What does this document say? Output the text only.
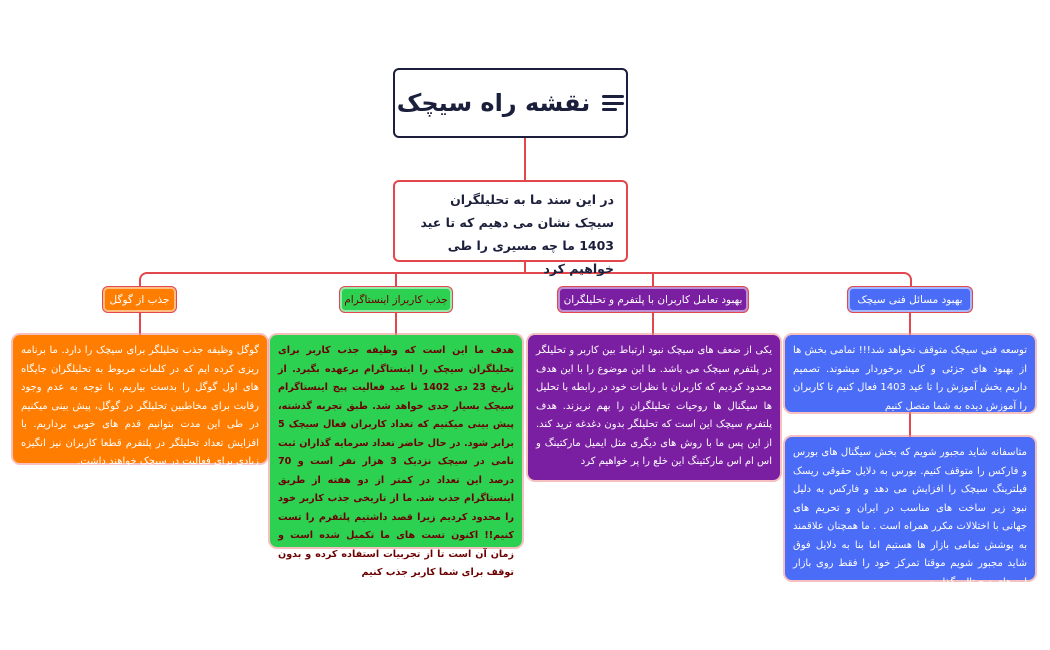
نقشه راه سیچک
در این سند ما به تحلیلگران سیچک نشان می دهیم که تا عید 1403 ما چه مسیری را طی خواهیم کرد
جذب از گوگل	جذب کاربراز اینستاگرام	بهبود تعامل کاربران با پلتفرم و تحلیلگران	بهبود مسائل فنی سیچک
گوگل وظیفه جذب تحلیلگر برای سیچک را دارد. ما برنامه ریزی کرده ایم که در کلمات مربوط به تحلیلگران جایگاه های اول گوگل را بدست بیاریم. با توجه به عدم وجود رقابت برای مخاطبین تحلیلگر در گوگل، پیش بینی میکنیم در طی این مدت بتوانیم قدم های خوبی برداریم. با افزایش تعداد تحلیلگر در پلتفرم قطعا کاربران نیز انگیزه زیادی برای فعالیت در سیچک خواهند داشت.
هدف ما این است که وظیفه جذب کاربر برای تحلیلگران سیچک را اینستاگرام برعهده بگیرد. از تاریخ 23 دی 1402 تا عید فعالیت پیج اینستاگرام سیچک بسیار جدی خواهد شد. طبق تجربه گذشته، پیش بینی میکنیم که تعداد کاربران فعال سیچک 5 برابر شود. در حال حاضر تعداد سرمایه گذاران ثبت نامی در سیچک نزدیک 3 هزار نفر است و 70 درصد این تعداد در کمتر از دو هفته از طریق اینستاگرام جذب شد. ما از تاریخی جذب کاربر خود را محدود کردیم زیرا قصد داشتیم پلتفرم را تست کنیم!! اکنون تست های ما تکمیل شده است و زمان آن است تا از تجربیات استفاده کرده و بدون توقف برای شما کاربر جذب کنیم
یکی از ضعف های سیچک نبود ارتباط بین کاربر و تحلیلگر در پلتفرم سیچک می باشد. ما این موضوع را با این هدف محدود کردیم که کاربران با نظرات خود در رابطه با تحلیل ها سیگنال ها روحیات تحلیلگران را بهم نریزند. هدف پلتفرم سیچک این است که تحلیلگر بدون دغدغه ترید کند. از این پس ما با روش های دیگری مثل ایمیل مارکتینگ و اس ام اس مارکتینگ این خلع را پر خواهیم کرد
توسعه فنی سیچک متوقف نخواهد شد!!! تمامی بخش ها از بهبود های جزئی و کلی برخوردار میشوند. تصمیم داریم بخش آموزش را تا عید 1403 فعال کنیم تا کاربران را آموزش دیده به شما متصل کنیم
متاسفانه شاید مجبور شویم که بخش سیگنال های بورس و فارکس را متوقف کنیم. بورس به دلایل حقوقی ریسک فیلترینگ سیچک را افزایش می دهد و فارکس به دلیل نبود زیر ساخت های مناسب در ایران و تحریم های جهانی با اختلالات مکرر همراه است . ما همچنان علاقمند به پوشش تمامی بازار ها هستیم اما بنا به دلایل فوق شاید مجبور شویم موقتا تمرکز خود را فقط روی بازار ارز های دیجیتال بگذاریم
